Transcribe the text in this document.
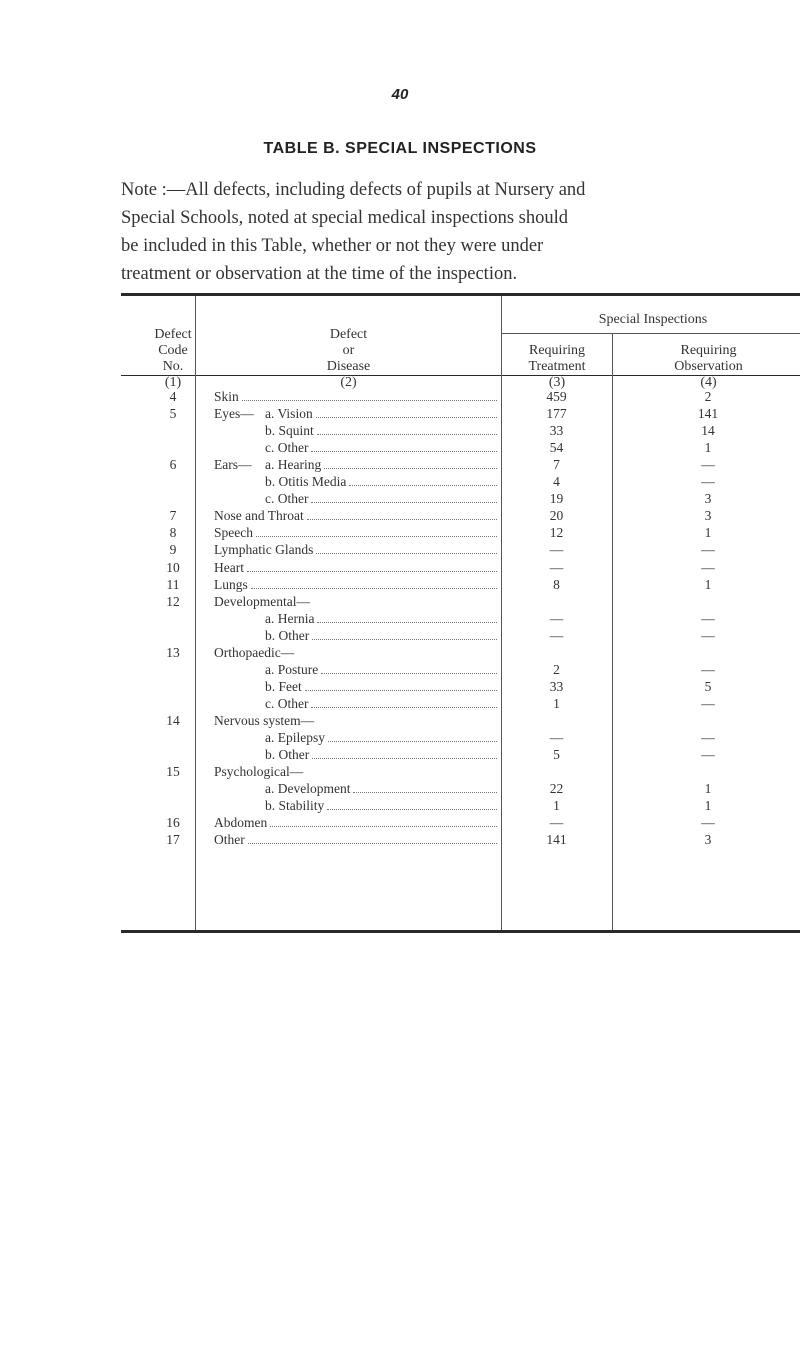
40
TABLE B. SPECIAL INSPECTIONS
Note :—All defects, including defects of pupils at Nursery and
Special Schools, noted at special medical inspections should
be included in this Table, whether or not they were under
treatment or observation at the time of the inspection.
Defect
Code
No.
(1)
Defect
or
Disease
(2)
Special Inspections
Requiring
Treatment
(3)
Requiring
Observation
(4)
4	Skin	459	2
5	Eyes— a. Vision	177	141
b. Squint	33	14
c. Other	54	1
6	Ears—	a. Hearing	7	—
b. Otitis Media	4	—
c. Other	19	3
7	Nose and Throat	20	3
8	Speech	12	1
9	Lymphatic Glands	—	—
10	Heart	—	—
11	Lungs	8	1
12	Developmental—
a. Hernia	—	—
b. Other	—	—
13	Orthopaedic—
a. Posture	2	—
b. Feet	33	5
c. Other	1	—
14	Nervous system—
a. Epilepsy	—	—
b. Other	5	—
15	Psychological—
a. Development	22	1
b. Stability	1	1
16	Abdomen	—	—
17	Other	141	3
